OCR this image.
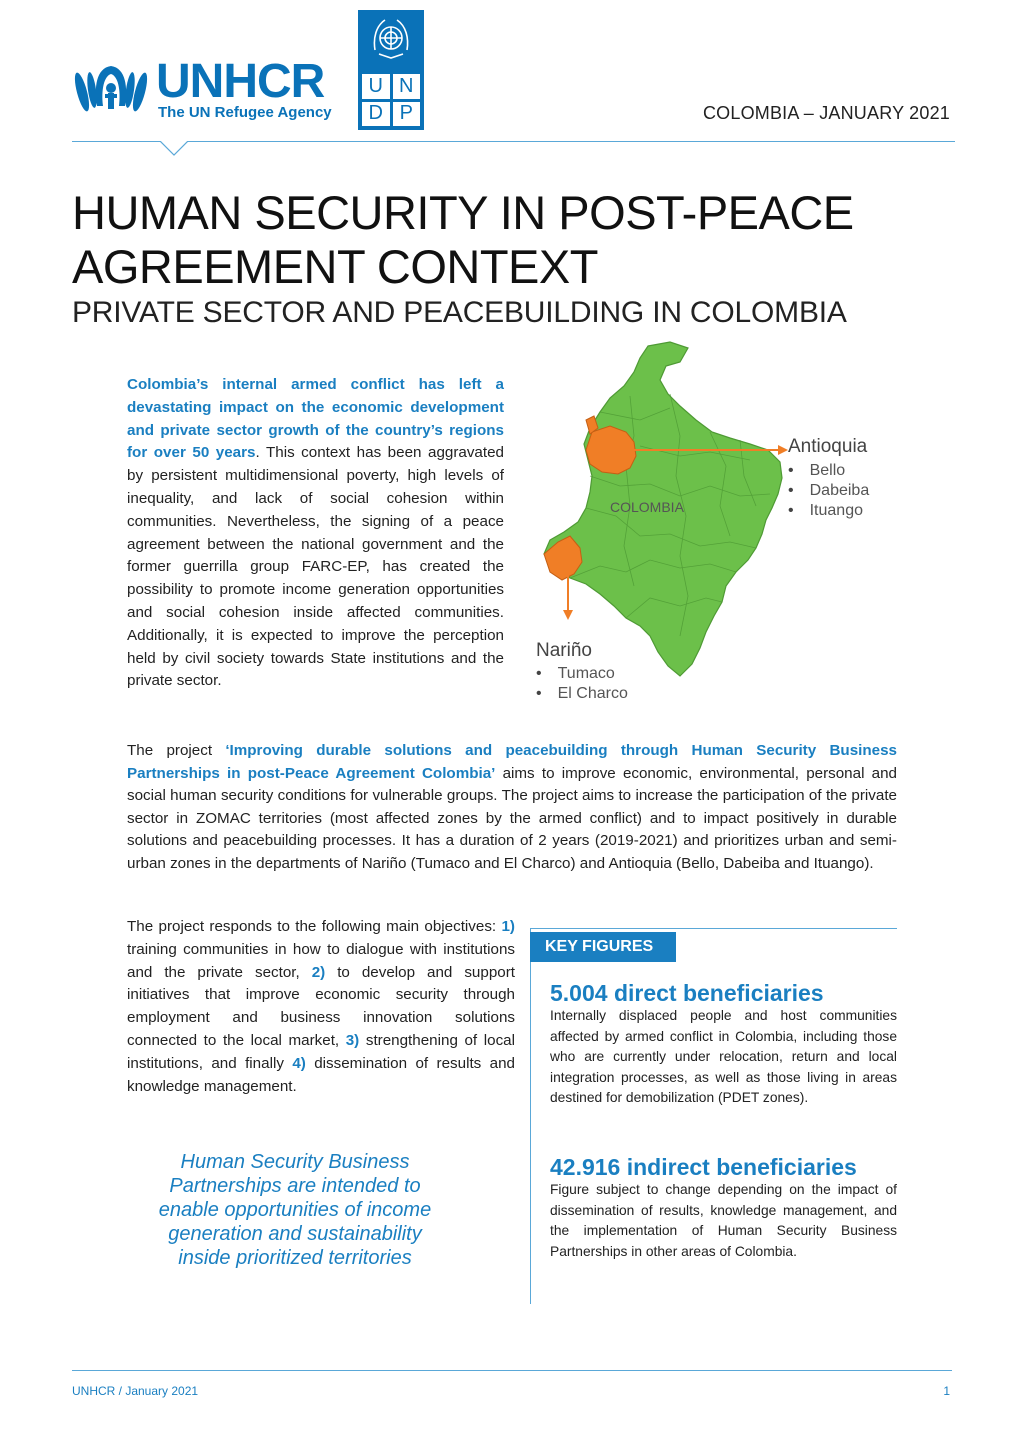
UNHCR
The UN Refugee Agency
U N
D P	COLOMBIA – JANUARY 2021
HUMAN SECURITY IN POST-PEACE
AGREEMENT CONTEXT
PRIVATE SECTOR AND PEACEBUILDING IN COLOMBIA

Colombia’s internal armed conflict has left a devastating impact on the economic development and private sector growth of the country’s regions for over 50 years. This context has been aggravated by persistent multidimensional poverty, high levels of inequality, and lack of social cohesion within communities. Nevertheless, the signing of a peace agreement between the national government and the former guerrilla group FARC-EP, has created the possibility to promote income generation opportunities and social cohesion inside affected communities. Additionally, it is expected to improve the perception held by civil society towards State institutions and the private sector.

COLOMBIA
Antioquia
• Bello
• Dabeiba
• Ituango
Nariño
• Tumaco
• El Charco

The project ‘Improving durable solutions and peacebuilding through Human Security Business Partnerships in post-Peace Agreement Colombia’ aims to improve economic, environmental, personal and social human security conditions for vulnerable groups. The project aims to increase the participation of the private sector in ZOMAC territories (most affected zones by the armed conflict) and to impact positively in durable solutions and peacebuilding processes. It has a duration of 2 years (2019-2021) and prioritizes urban and semi-urban zones in the departments of Nariño (Tumaco and El Charco) and Antioquia (Bello, Dabeiba and Ituango).

The project responds to the following main objectives: 1) training communities in how to dialogue with institutions and the private sector, 2) to develop and support initiatives that improve economic security through employment and business innovation solutions connected to the local market, 3) strengthening of local institutions, and finally 4) dissemination of results and knowledge management.

Human Security Business Partnerships are intended to enable opportunities of income generation and sustainability inside prioritized territories

KEY FIGURES
5.004 direct beneficiaries

Internally displaced people and host communities affected by armed conflict in Colombia, including those who are currently under relocation, return and local integration processes, as well as those living in areas destined for demobilization (PDET zones).

42.916 indirect beneficiaries

Figure subject to change depending on the impact of dissemination of results, knowledge management, and the implementation of Human Security Business Partnerships in other areas of Colombia.

UNHCR / January 2021	1
